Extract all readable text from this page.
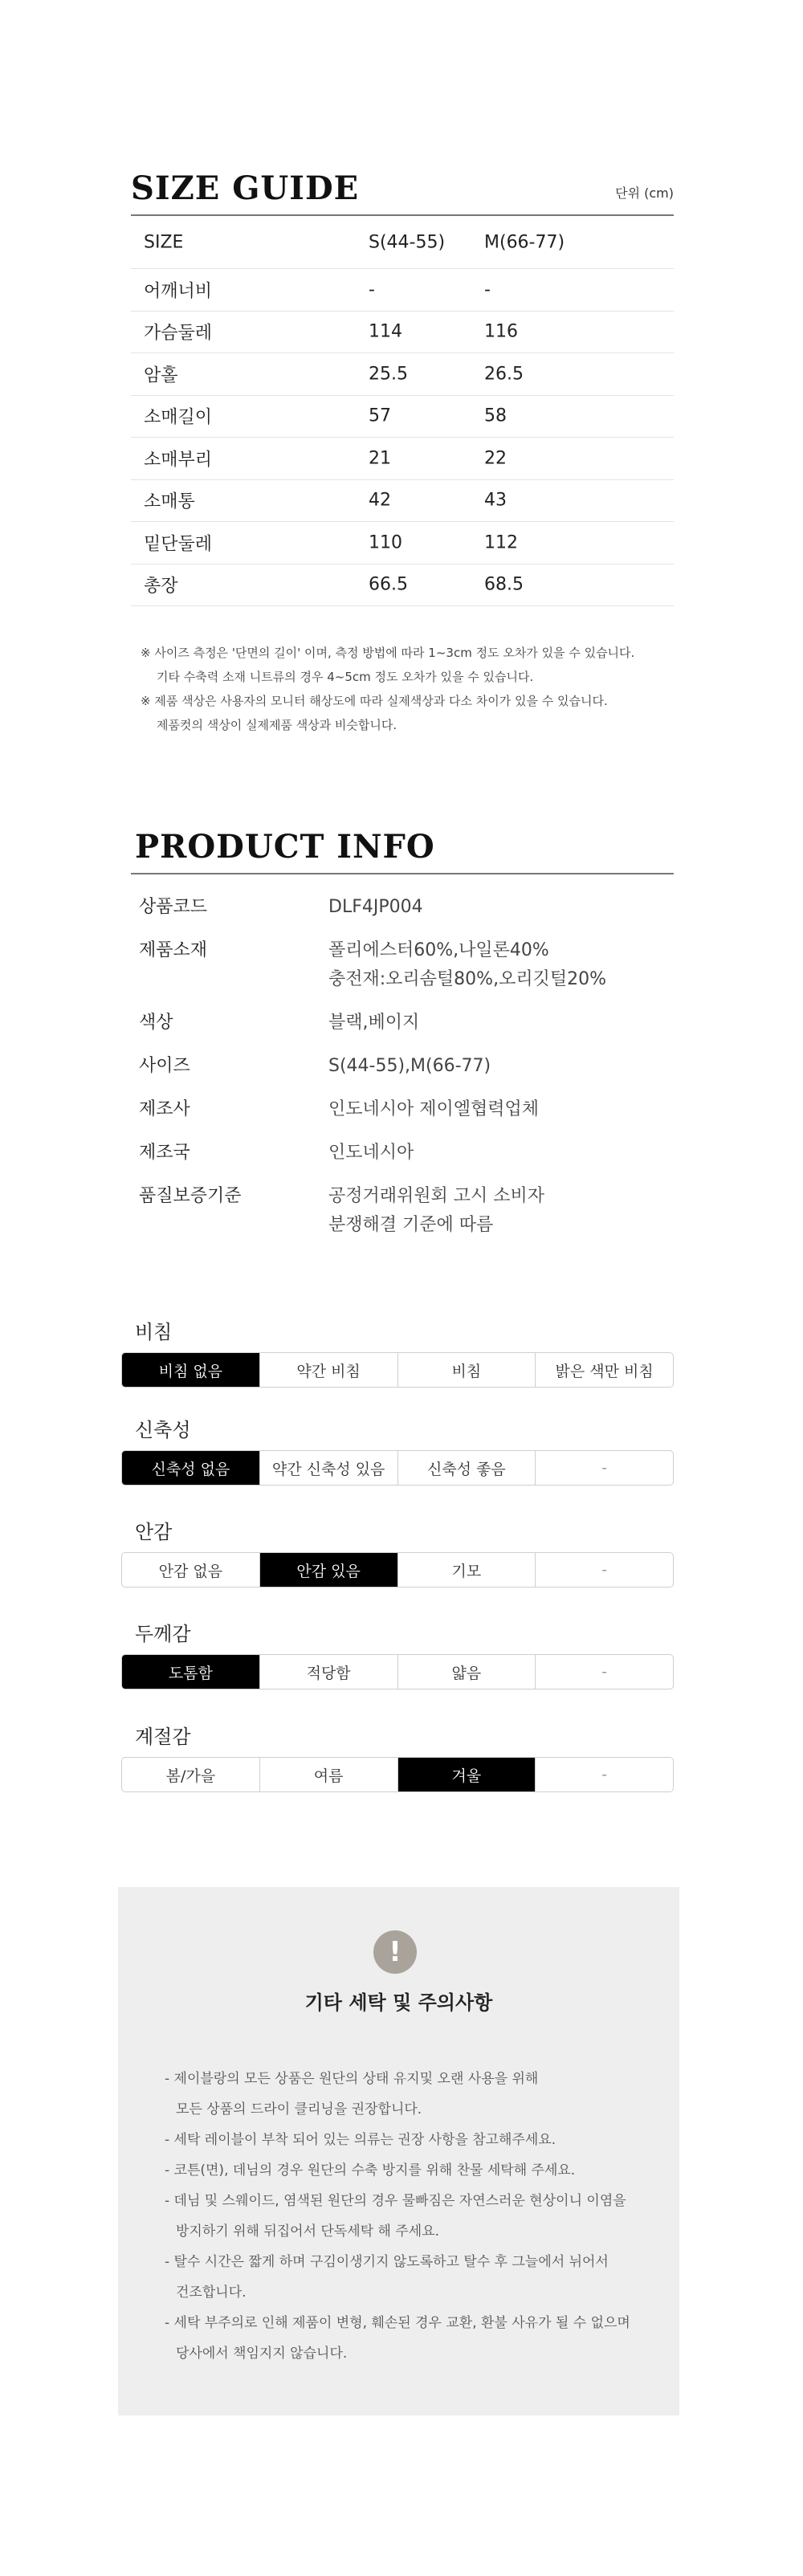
SIZE GUIDE	단위 (cm)
SIZE	S(44-55) M(66-77)
어깨너비	-	-
가슴둘레	114	116
암홀	25.5	26.5
소매길이	57	58
소매부리	21	22
소매통	42	43
밑단둘레	110	112
총장	66.5	68.5

※ 사이즈 측정은 '단면의 길이' 이며, 측정 방법에 따라 1~3cm 정도 오차가 있을 수 있습니다.

기타 수축력 소재 니트류의 경우 4~5cm 정도 오차가 있을 수 있습니다.

※ 제품 색상은 사용자의 모니터 해상도에 따라 실제색상과 다소 차이가 있을 수 있습니다.

제품컷의 색상이 실제제품 색상과 비슷합니다.

PRODUCT INFO
상품코드	DLF4JP004
제품소재	폴리에스터60%,나일론40%
충전재:오리솜털80%,오리깃털20%
색상	블랙,베이지
사이즈	S(44-55),M(66-77)
제조사	인도네시아 제이엘협력업체
제조국	인도네시아
품질보증기준	공정거래위원회 고시 소비자
분쟁해결 기준에 따름
비침
비침 없음	약간 비침	비침	밝은 색만 비침
신축성
신축성 없음	약간 신축성 있음	신축성 좋음	-
안감
안감 없음	안감 있음	기모	-
두께감
도톰함	적당함	얇음	-
계절감
봄/가을	여름	겨울	-
!
기타 세탁 및 주의사항

- 제이블랑의 모든 상품은 원단의 상태 유지및 오랜 사용을 위해

모든 상품의 드라이 클리닝을 권장합니다.

- 세탁 레이블이 부착 되어 있는 의류는 권장 사항을 참고해주세요.

- 코튼(면), 데님의 경우 원단의 수축 방지를 위해 찬물 세탁해 주세요.

- 데님 및 스웨이드, 염색된 원단의 경우 물빠짐은 자연스러운 현상이니 이염을

방지하기 위해 뒤집어서 단독세탁 해 주세요.

- 탈수 시간은 짧게 하며 구김이생기지 않도록하고 탈수 후 그늘에서 뉘어서

건조합니다.

- 세탁 부주의로 인해 제품이 변형, 훼손된 경우 교환, 환불 사유가 될 수 없으며

당사에서 책임지지 않습니다.
